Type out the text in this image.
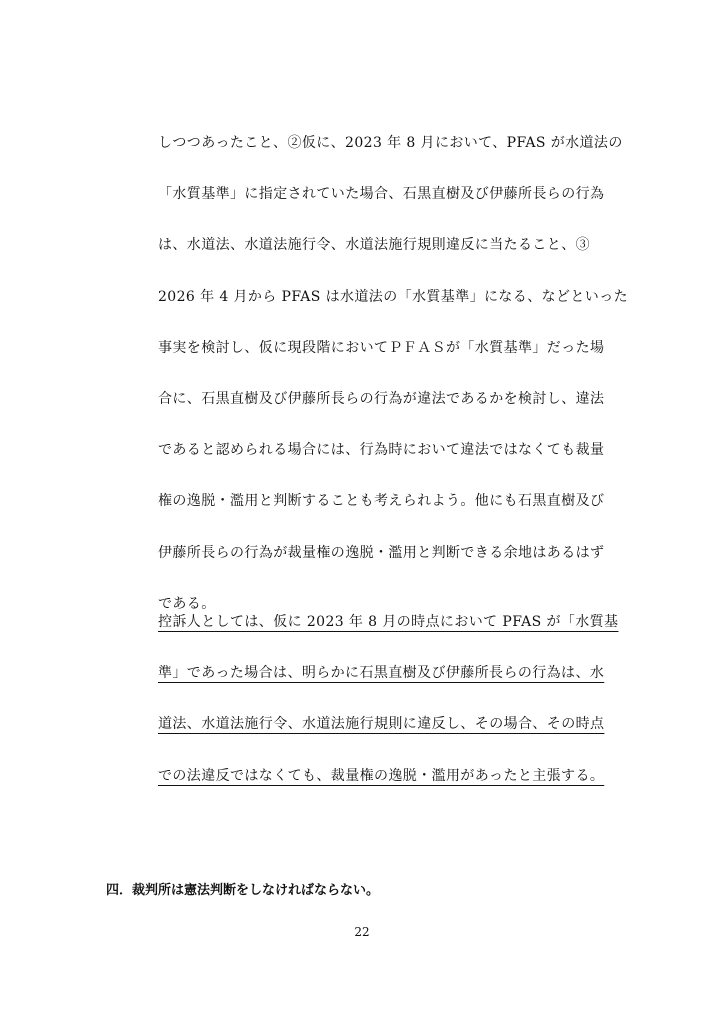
しつつあったこと、②仮に、2023 年 8 月において、PFAS が水道法の
「水質基準」に指定されていた場合、石黒直樹及び伊藤所長らの行為
は、水道法、水道法施行令、水道法施行規則違反に当たること、③
2026 年 4 月から PFAS は水道法の「水質基準」になる、などといった
事実を検討し、仮に現段階においてＰＦＡＳが「水質基準」だった場
合に、石黒直樹及び伊藤所長らの行為が違法であるかを検討し、違法
であると認められる場合には、行為時において違法ではなくても裁量
権の逸脱・濫用と判断することも考えられよう。他にも石黒直樹及び
伊藤所長らの行為が裁量権の逸脱・濫用と判断できる余地はあるはず
である。
控訴人としては、仮に 2023 年 8 月の時点において PFAS が「水質基
準」であった場合は、明らかに石黒直樹及び伊藤所長らの行為は、水
道法、水道法施行令、水道法施行規則に違反し、その場合、その時点
での法違反ではなくても、裁量権の逸脱・濫用があったと主張する。
四．裁判所は憲法判断をしなければならない。
22
